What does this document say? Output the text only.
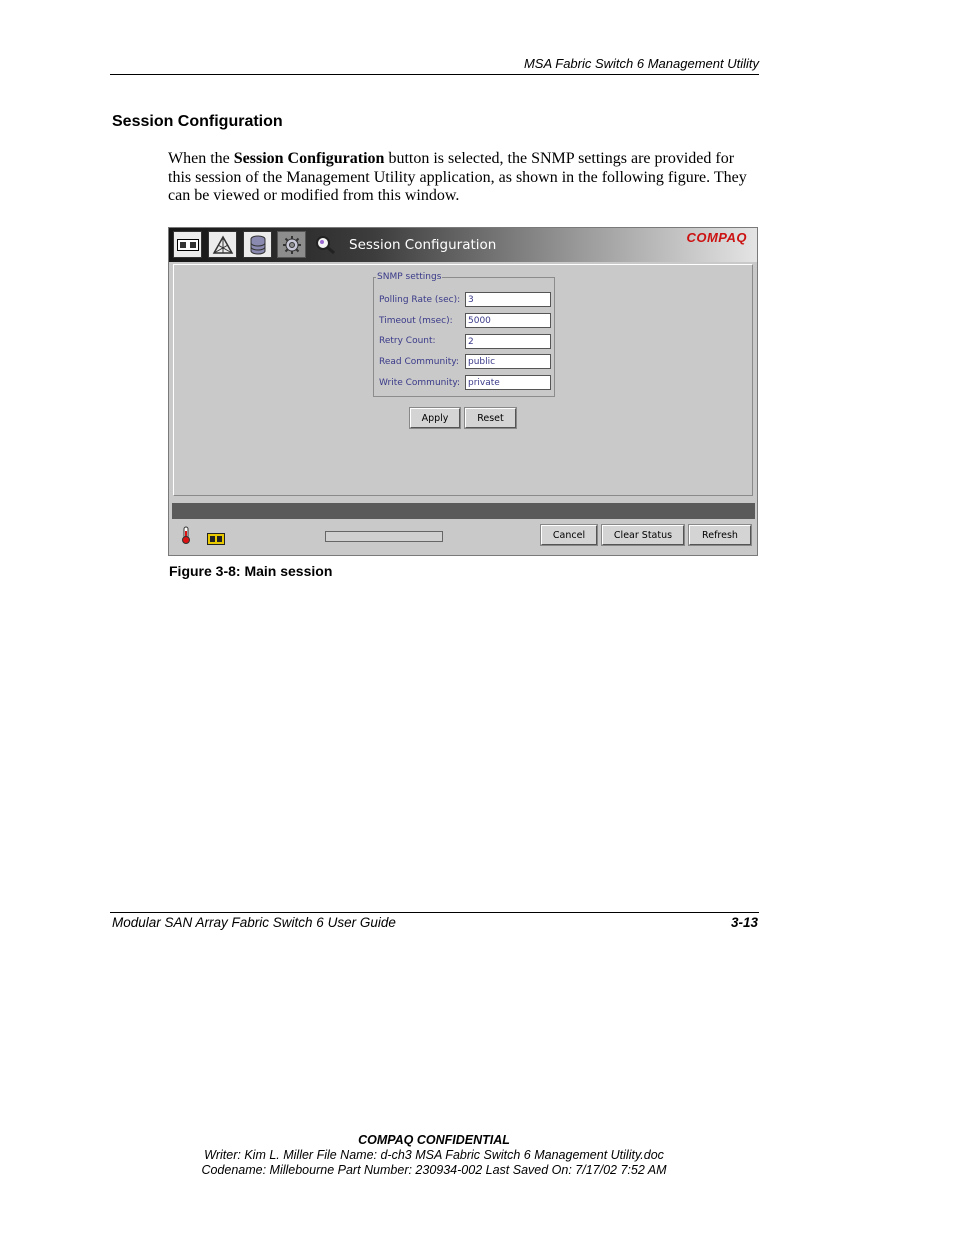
MSA Fabric Switch 6 Management Utility
Session Configuration
When the Session Configuration button is selected, the SNMP settings are provided for this session of the Management Utility application, as shown in the following figure. They can be viewed or modified from this window.
Session Configuration	COMPAQ
SNMP settings
Polling Rate (sec):
3
Timeout (msec):
5000
Retry Count:
2
Read Community:
public
Write Community:
private
Apply	Reset
Cancel	Clear Status	Refresh
Figure 3-8: Main session
Modular SAN Array Fabric Switch 6 User Guide	3-13
COMPAQ CONFIDENTIAL
Writer: Kim L. Miller File Name: d-ch3 MSA Fabric Switch 6 Management Utility.doc
Codename: Millebourne Part Number: 230934-002 Last Saved On: 7/17/02 7:52 AM
